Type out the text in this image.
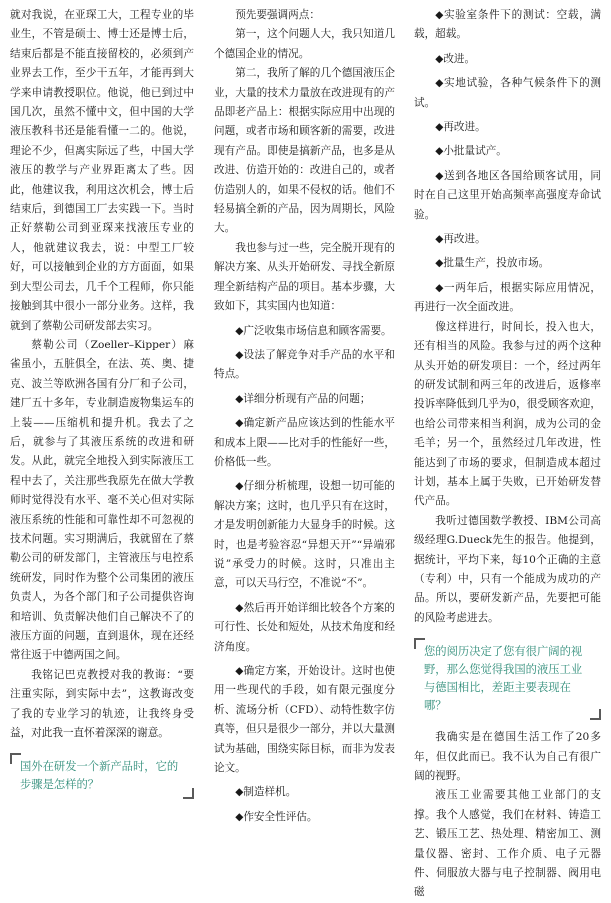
就对我说，在亚琛工大，工程专业的毕业生，不管是硕士、博士还是博士后，结束后都是不能直接留校的，必须到产业界去工作，至少干五年，才能再到大学来申请教授职位。他说，他已到过中国几次，虽然不懂中文，但中国的大学液压教科书还是能看懂一二的。他说，理论不少，但离实际远了些，中国大学液压的教学与产业界距离太了些。因此，他建议我，利用这次机会，博士后结束后，到德国工厂去实践一下。当时正好蔡勒公司到亚琛来找液压专业的人，他就建议我去，说：中型工厂较好，可以接触到企业的方方面面，如果到大型公司去，几千个工程师，你只能接触到其中很小一部分业务。这样，我就到了蔡勒公司研发部去实习。

蔡勒公司（Zoeller–Kipper）麻雀虽小，五脏俱全，在法、英、奥、捷克、波兰等欧洲各国有分厂和子公司，建厂五十多年，专业制造废物集运车的上装——压缩机和提升机。我去了之后，就参与了其液压系统的改进和研发。从此，就完全地投入到实际液压工程中去了，关注那些我原先在做大学教师时觉得没有水平、毫不关心但对实际液压系统的性能和可靠性却不可忽视的技术问题。实习期满后，我就留在了蔡勒公司的研发部门，主管液压与电控系统研发，同时作为整个公司集团的液压负责人，为各个部门和子公司提供咨询和培训、负责解决他们自己解决不了的液压方面的问题，直到退休，现在还经常往返于中德两国之间。

我铭记巴克教授对我的教诲：“要注重实际，到实际中去”，这教诲改变了我的专业学习的轨迹，让我终身受益，对此我一直怀着深深的谢意。

国外在研发一个新产品时，它的步骤是怎样的？

预先要强调两点：

第一，这个问题人大，我只知道几个德国企业的情况。

第二，我所了解的几个德国液压企业，大量的技术力量放在改进现有的产品即老产品上：根据实际应用中出现的问题，或者市场和顾客新的需要，改进现有产品。即使是搞新产品，也多是从改进、仿造开始的：改进自己的，或者仿造别人的，如果不侵权的话。他们不轻易搞全新的产品，因为周期长，风险大。

我也参与过一些，完全脱开现有的解决方案、从头开始研发、寻找全新原理全新结构产品的项目。基本步骤，大致如下，其实国内也知道：

◆广泛收集市场信息和顾客需要。

◆设法了解竞争对手产品的水平和特点。

◆详细分析现有产品的问题；

◆确定新产品应该达到的性能水平和成本上限——比对手的性能好一些，价格低一些。

◆仔细分析梳理，设想一切可能的解决方案；这时，也几乎只有在这时，才是发明创新能力大显身手的时候。这时，也是考验容忍“异想天开”“异端邪说”承受力的时候。这时，只准出主意，可以天马行空，不准说“不”。

◆然后再开始详细比较各个方案的可行性、长处和短处，从技术角度和经济角度。

◆确定方案，开始设计。这时也使用一些现代的手段，如有限元强度分析、流场分析（CFD）、动特性数字仿真等，但只是很少一部分，并以大量测试为基础，围绕实际目标，而非为发表论文。

◆制造样机。

◆作安全性评估。

◆实验室条件下的测试：空载，满载，超载。

◆改进。

◆实地试验，各种气候条件下的测试。

◆再改进。

◆小批量试产。

◆送到各地区各国给顾客试用，同时在自己这里开始高频率高强度寿命试验。

◆再改进。

◆批量生产，投放市场。

◆一两年后，根据实际应用情况，再进行一次全面改进。

像这样进行，时间长，投入也大，还有相当的风险。我参与过的两个这种从头开始的研发项目：一个，经过两年的研发试制和两三年的改进后，返修率投诉率降低到几乎为0，很受顾客欢迎，也给公司带来相当利润，成为公司的金毛羊；另一个，虽然经过几年改进，性能达到了市场的要求，但制造成本超过计划，基本上属于失败，已开始研发替代产品。

我听过德国数学教授、IBM公司高级经理G.Dueck先生的报告。他提到，据统计，平均下来，每10个正确的主意（专利）中，只有一个能成为成功的产品。所以，要研发新产品，先要把可能的风险考虑进去。

您的阅历决定了您有很广阔的视野，那么您觉得我国的液压工业与德国相比，差距主要表现在哪？

我确实是在德国生活工作了20多年，但仅此而已。我不认为自己有很广阔的视野。

液压工业需要其他工业部门的支撑。我个人感觉，我们在材料、铸造工艺、锻压工艺、热处理、精密加工、测量仪器、密封、工作介质、电子元器件、伺服放大器与电子控制器、阀用电磁
